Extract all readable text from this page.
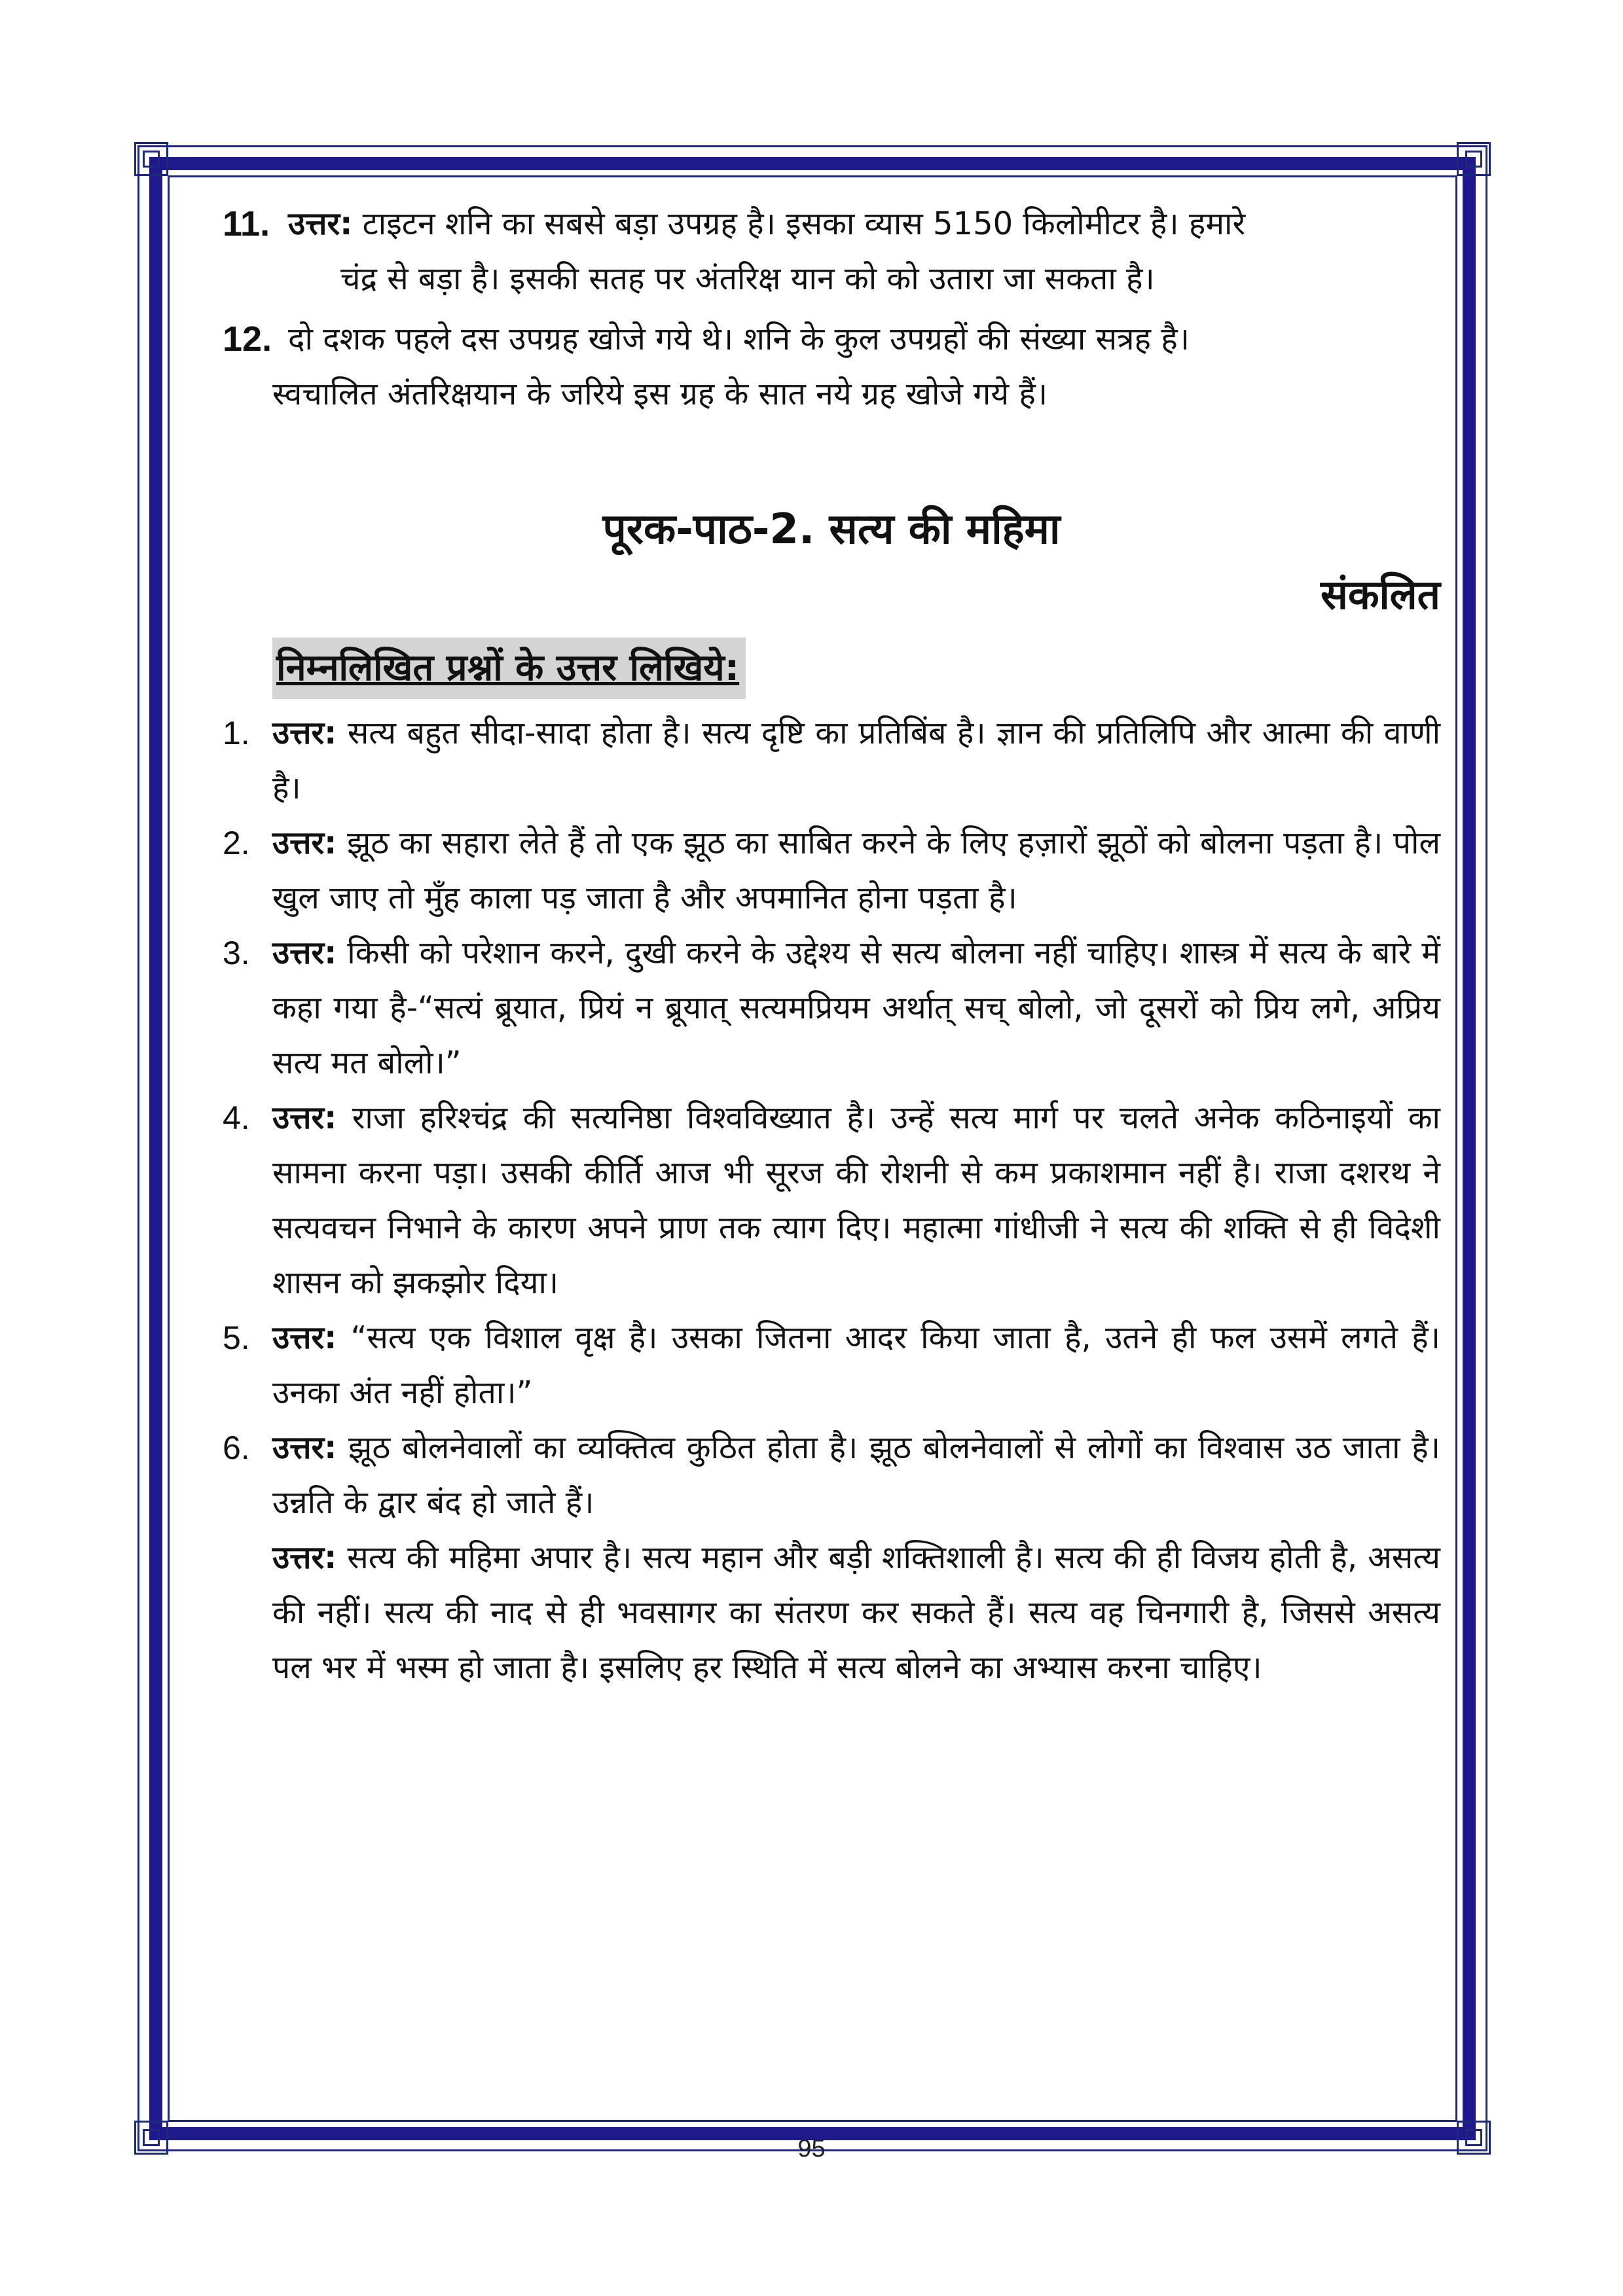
11. उत्तर: टाइटन शनि का सबसे बड़ा उपग्रह है। इसका व्यास 5150 किलोमीटर है। हमारे
चंद्र से बड़ा है। इसकी सतह पर अंतरिक्ष यान को को उतारा जा सकता है।
12. दो दशक पहले दस उपग्रह खोजे गये थे। शनि के कुल उपग्रहों की संख्या सत्रह है।
स्वचालित अंतरिक्षयान के जरिये इस ग्रह के सात नये ग्रह खोजे गये हैं।
पूरक-पाठ-2. सत्य की महिमा
संकलित
निम्नलिखित प्रश्नों के उत्तर लिखिये:
1. उत्तर: सत्य बहुत सीदा-सादा होता है। सत्य दृष्टि का प्रतिबिंब है। ज्ञान की प्रतिलिपि और आत्मा की वाणी है।
2. उत्तर: झूठ का सहारा लेते हैं तो एक झूठ का साबित करने के लिए हज़ारों झूठों को बोलना पड़ता है। पोल खुल जाए तो मुँह काला पड़ जाता है और अपमानित होना पड़ता है।
3. उत्तर: किसी को परेशान करने, दुखी करने के उद्देश्य से सत्य बोलना नहीं चाहिए। शास्त्र में सत्य के बारे में कहा गया है-“सत्यं ब्रूयात, प्रियं न ब्रूयात् सत्यमप्रियम अर्थात् सच् बोलो, जो दूसरों को प्रिय लगे, अप्रिय सत्य मत बोलो।”
4. उत्तर: राजा हरिश्चंद्र की सत्यनिष्ठा विश्वविख्यात है। उन्हें सत्य मार्ग पर चलते अनेक कठिनाइयों का सामना करना पड़ा। उसकी कीर्ति आज भी सूरज की रोशनी से कम प्रकाशमान नहीं है। राजा दशरथ ने सत्यवचन निभाने के कारण अपने प्राण तक त्याग दिए। महात्मा गांधीजी ने सत्य की शक्ति से ही विदेशी शासन को झकझोर दिया।
5. उत्तर: “सत्य एक विशाल वृक्ष है। उसका जितना आदर किया जाता है, उतने ही फल उसमें लगते हैं। उनका अंत नहीं होता।”
6. उत्तर: झूठ बोलनेवालों का व्यक्तित्व कुठित होता है। झूठ बोलनेवालों से लोगों का विश्वास उठ जाता है। उन्नति के द्वार बंद हो जाते हैं।
उत्तर: सत्य की महिमा अपार है। सत्य महान और बड़ी शक्तिशाली है। सत्य की ही विजय होती है, असत्य की नहीं। सत्य की नाद से ही भवसागर का संतरण कर सकते हैं। सत्य वह चिनगारी है, जिससे असत्य पल भर में भस्म हो जाता है। इसलिए हर स्थिति में सत्य बोलने का अभ्यास करना चाहिए।
95
